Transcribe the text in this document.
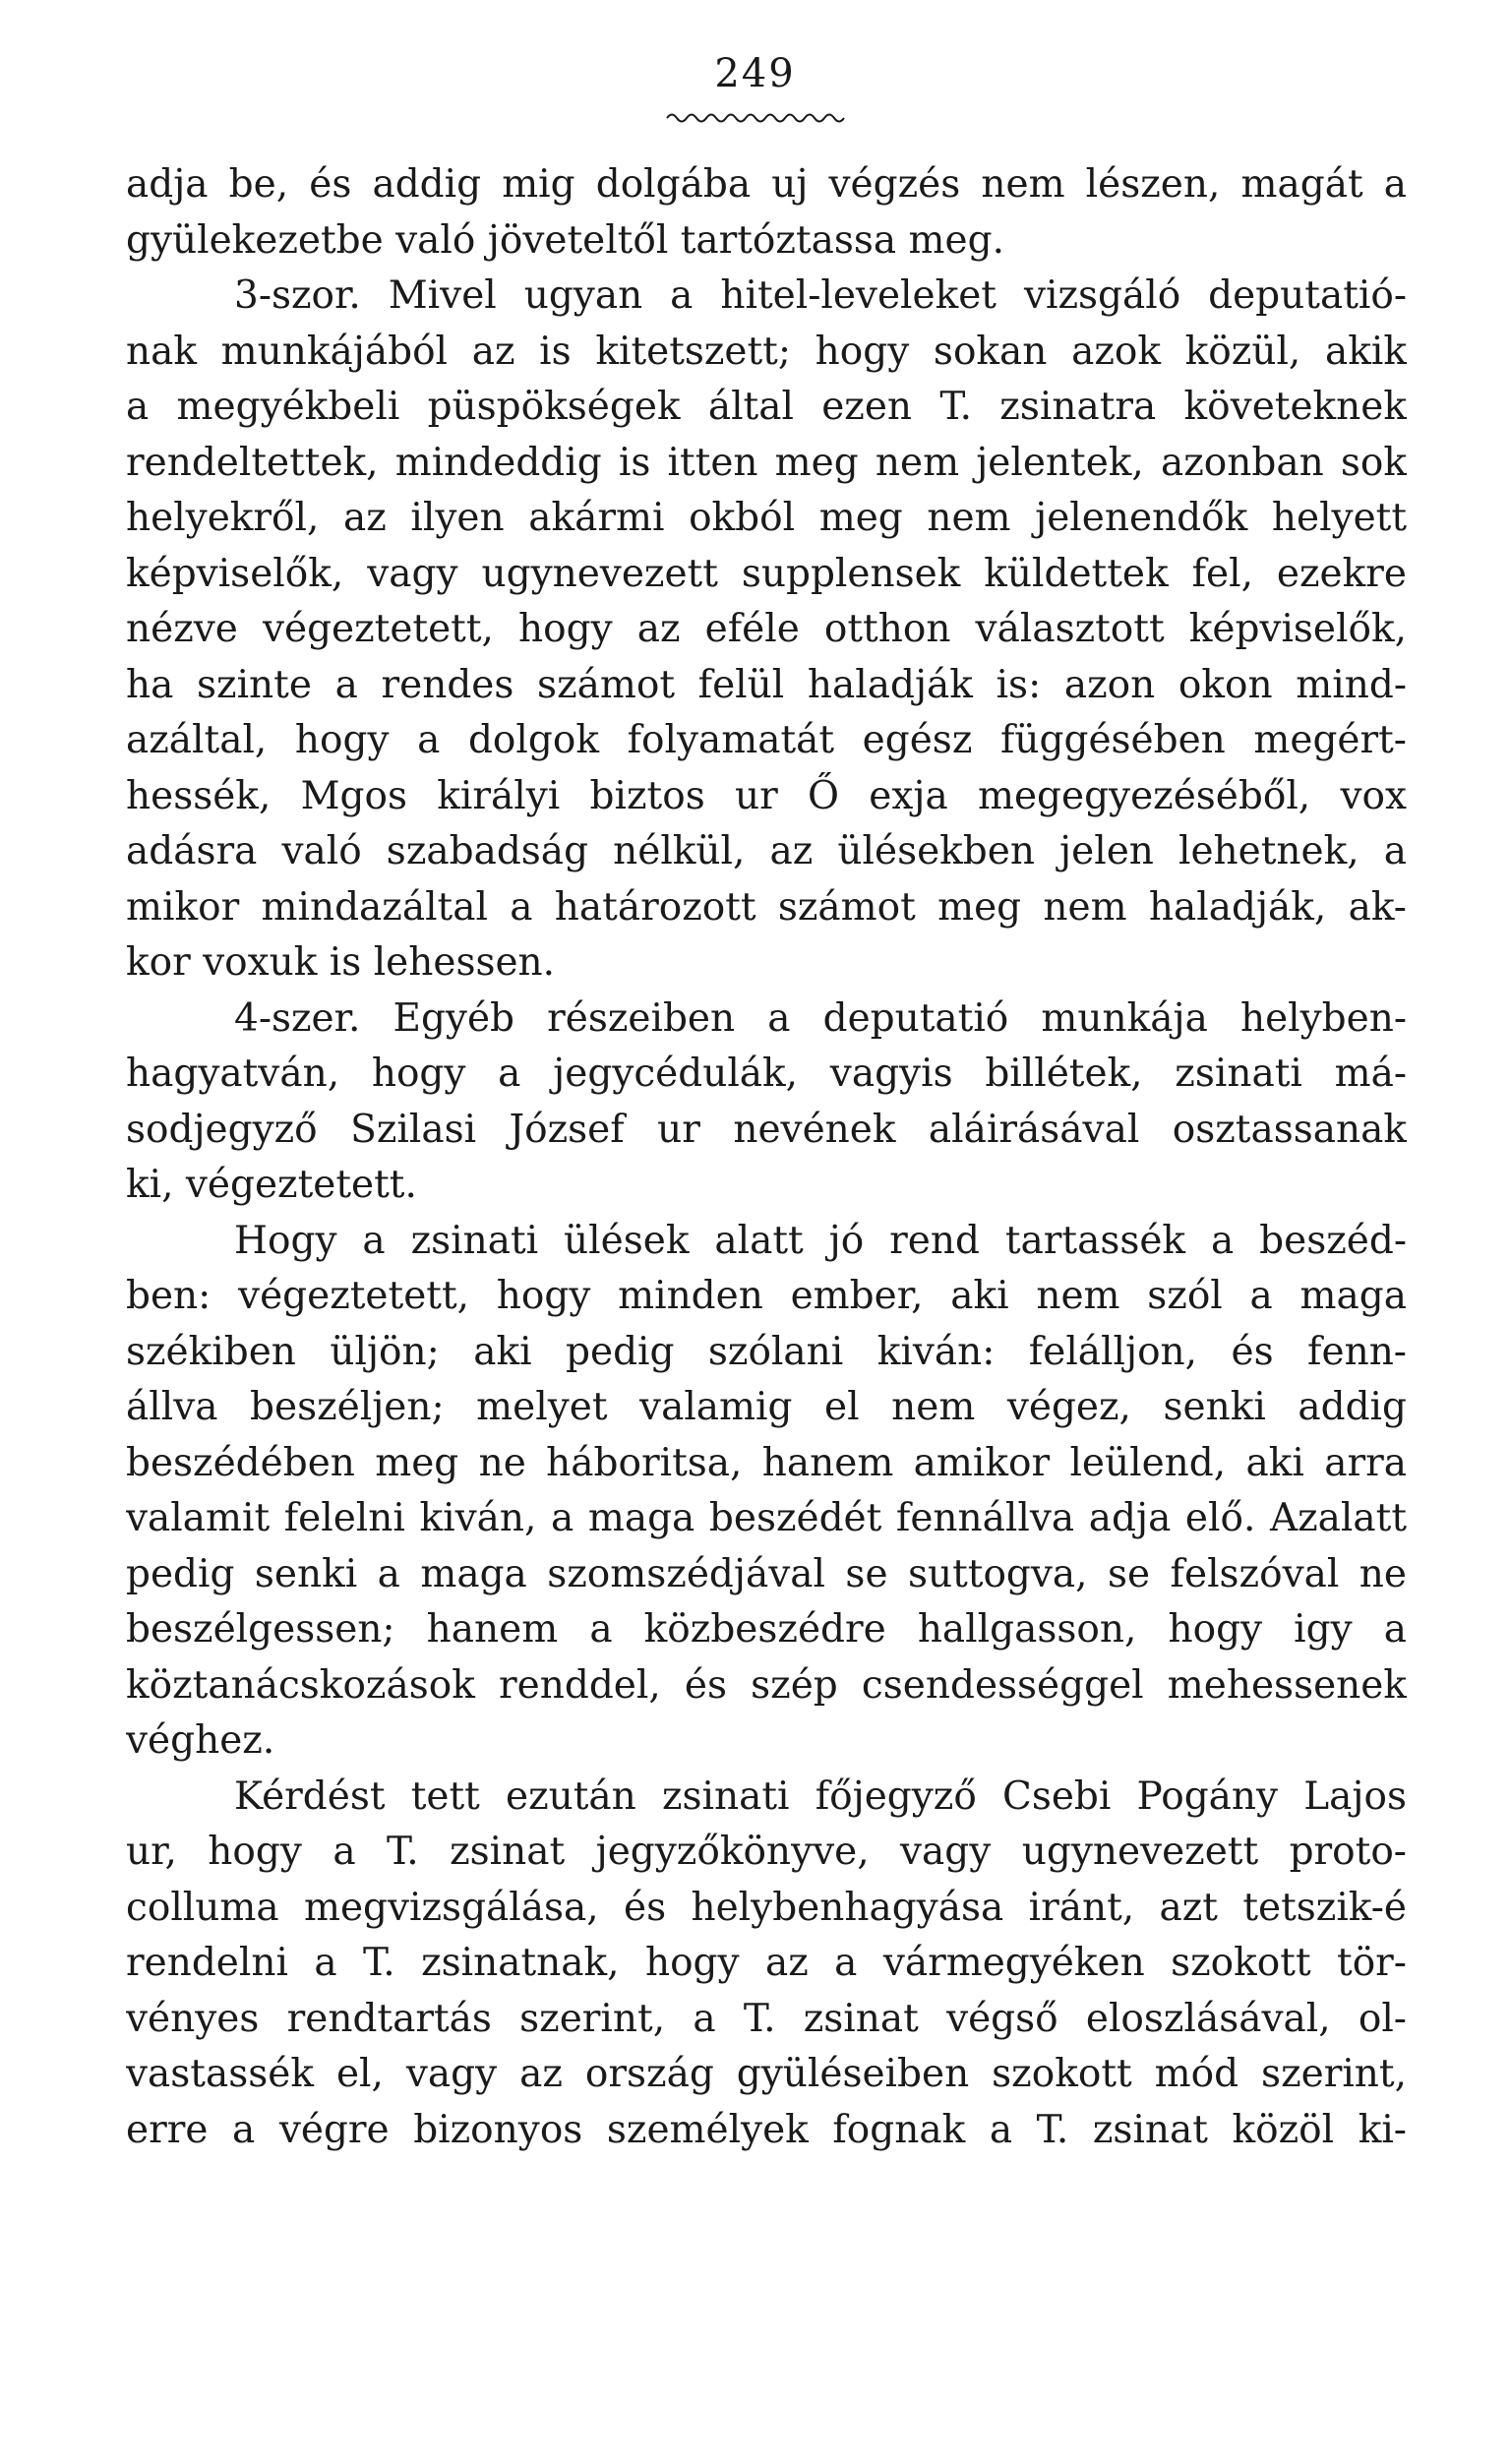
249
adja be, és addig mig dolgába uj végzés nem lészen, magát a
gyülekezetbe való jöveteltől tartóztassa meg.
3-szor. Mivel ugyan a hitel-leveleket vizsgáló deputatió-
nak munkájából az is kitetszett; hogy sokan azok közül, akik
a megyékbeli püspökségek által ezen T. zsinatra követeknek
rendeltettek, mindeddig is itten meg nem jelentek, azonban sok
helyekről, az ilyen akármi okból meg nem jelenendők helyett
képviselők, vagy ugynevezett supplensek küldettek fel, ezekre
nézve végeztetett, hogy az eféle otthon választott képviselők,
ha szinte a rendes számot felül haladják is: azon okon mind-
azáltal, hogy a dolgok folyamatát egész függésében megért-
hessék, Mgos királyi biztos ur Ő exja megegyezéséből, vox
adásra való szabadság nélkül, az ülésekben jelen lehetnek, a
mikor mindazáltal a határozott számot meg nem haladják, ak-
kor voxuk is lehessen.
4-szer. Egyéb részeiben a deputatió munkája helyben-
hagyatván, hogy a jegycédulák, vagyis billétek, zsinati má-
sodjegyző Szilasi József ur nevének aláirásával osztassanak
ki, végeztetett.
Hogy a zsinati ülések alatt jó rend tartassék a beszéd-
ben: végeztetett, hogy minden ember, aki nem szól a maga
székiben üljön; aki pedig szólani kiván: felálljon, és fenn-
állva beszéljen; melyet valamig el nem végez, senki addig
beszédében meg ne háboritsa, hanem amikor leülend, aki arra
valamit felelni kiván, a maga beszédét fennállva adja elő. Azalatt
pedig senki a maga szomszédjával se suttogva, se felszóval ne
beszélgessen; hanem a közbeszédre hallgasson, hogy igy a
köztanácskozások renddel, és szép csendességgel mehessenek
véghez.
Kérdést tett ezután zsinati főjegyző Csebi Pogány Lajos
ur, hogy a T. zsinat jegyzőkönyve, vagy ugynevezett proto-
colluma megvizsgálása, és helybenhagyása iránt, azt tetszik-é
rendelni a T. zsinatnak, hogy az a vármegyéken szokott tör-
vényes rendtartás szerint, a T. zsinat végső eloszlásával, ol-
vastassék el, vagy az ország gyüléseiben szokott mód szerint,
erre a végre bizonyos személyek fognak a T. zsinat közöl ki-
